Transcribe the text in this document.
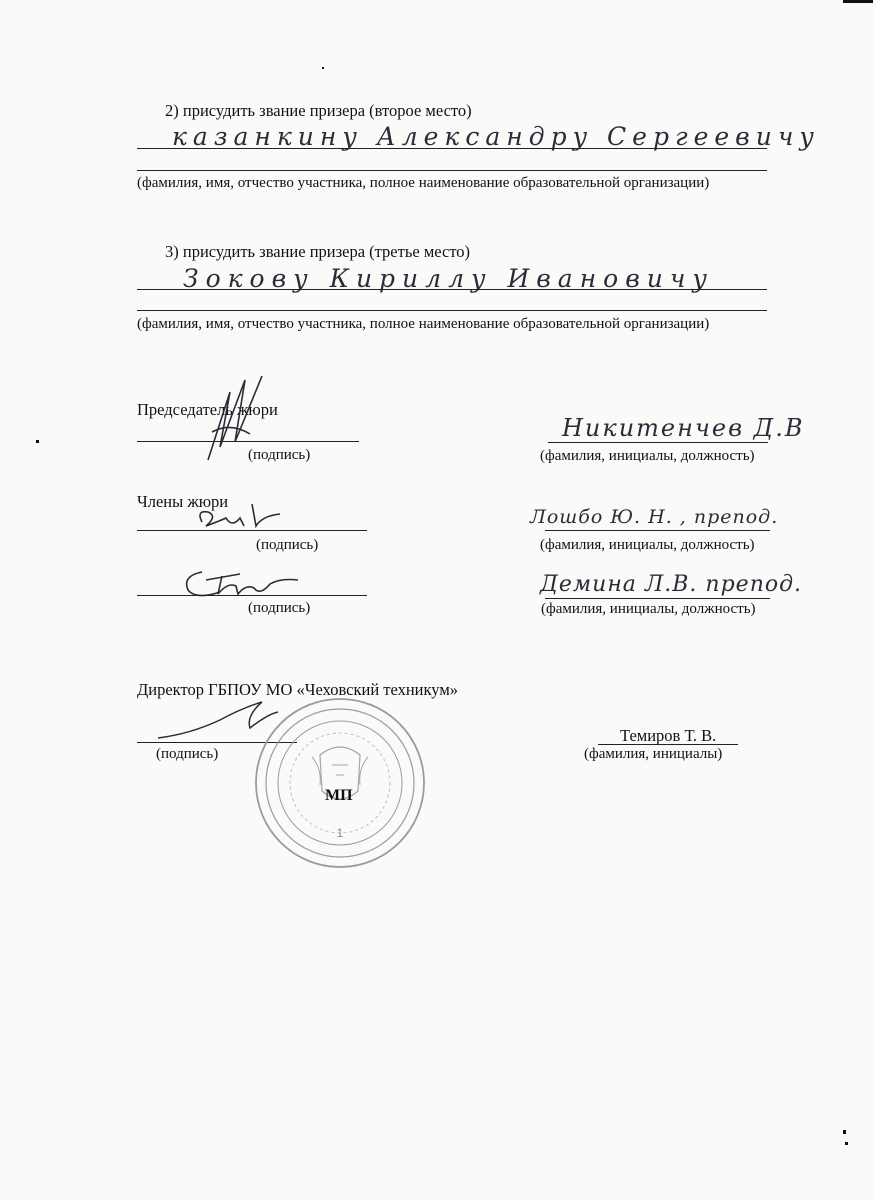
2) присудить звание призера (второе место)
казанкину Александру Сергеевичу
(фамилия, имя, отчество участника, полное наименование образовательной организации)
3) присудить звание призера (третье место)
Зокову Кириллу Ивановичу
(фамилия, имя, отчество участника, полное наименование образовательной организации)
Председатель жюри
(подпись)
Никитенчев Д.В
(фамилия, инициалы, должность)
Члены жюри
(подпись)
Лошбо Ю. Н. , препод.
(фамилия, инициалы, должность)
(подпись)
Демина Л.В. препод.
(фамилия, инициалы, должность)
Директор ГБПОУ МО «Чеховский техникум»
(подпись)
Темиров Т. В.
(фамилия, инициалы)
1
МП
